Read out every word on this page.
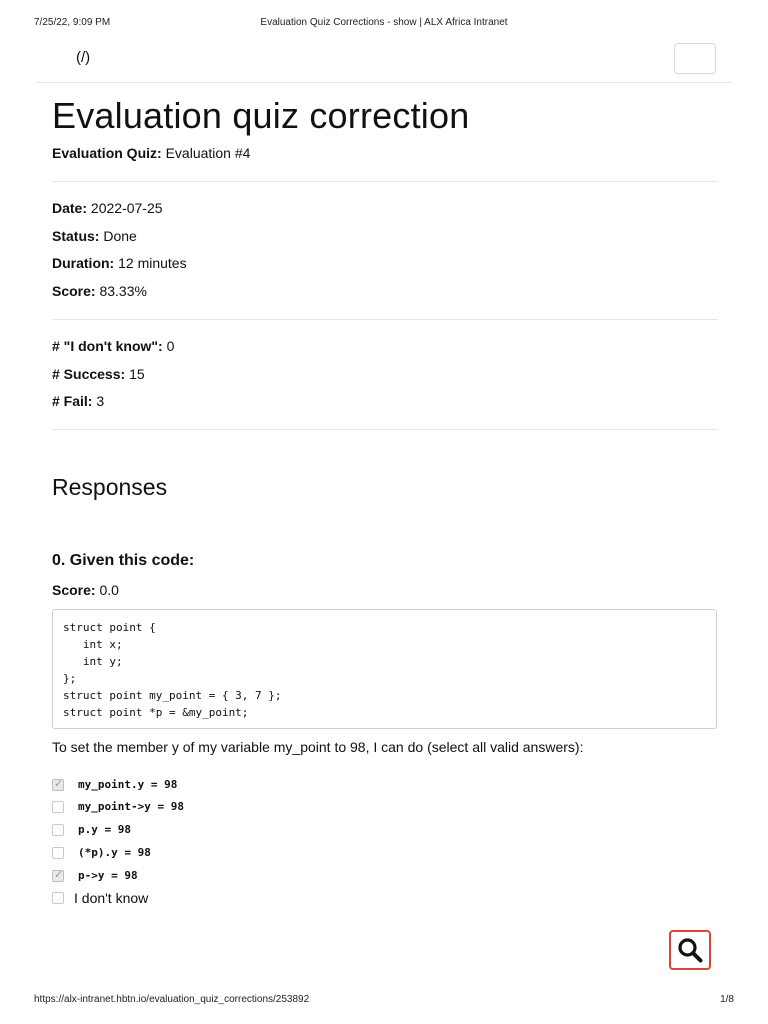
7/25/22, 9:09 PM	Evaluation Quiz Corrections - show | ALX Africa Intranet
(/)
Evaluation quiz correction
Evaluation Quiz: Evaluation #4
Date: 2022-07-25
Status: Done
Duration: 12 minutes
Score: 83.33%
# "I don't know": 0
# Success: 15
# Fail: 3
Responses
0. Given this code:
Score: 0.0
struct point {
int x;
int y;
};
struct point my_point = { 3, 7 };
struct point *p = &my_point;
To set the member y of my variable my_point to 98, I can do (select all valid answers):
✓ my_point.y = 98
my_point->y = 98
p.y = 98
(*p).y = 98
✓ p->y = 98
I don't know
https://alx-intranet.hbtn.io/evaluation_quiz_corrections/253892	1/8
